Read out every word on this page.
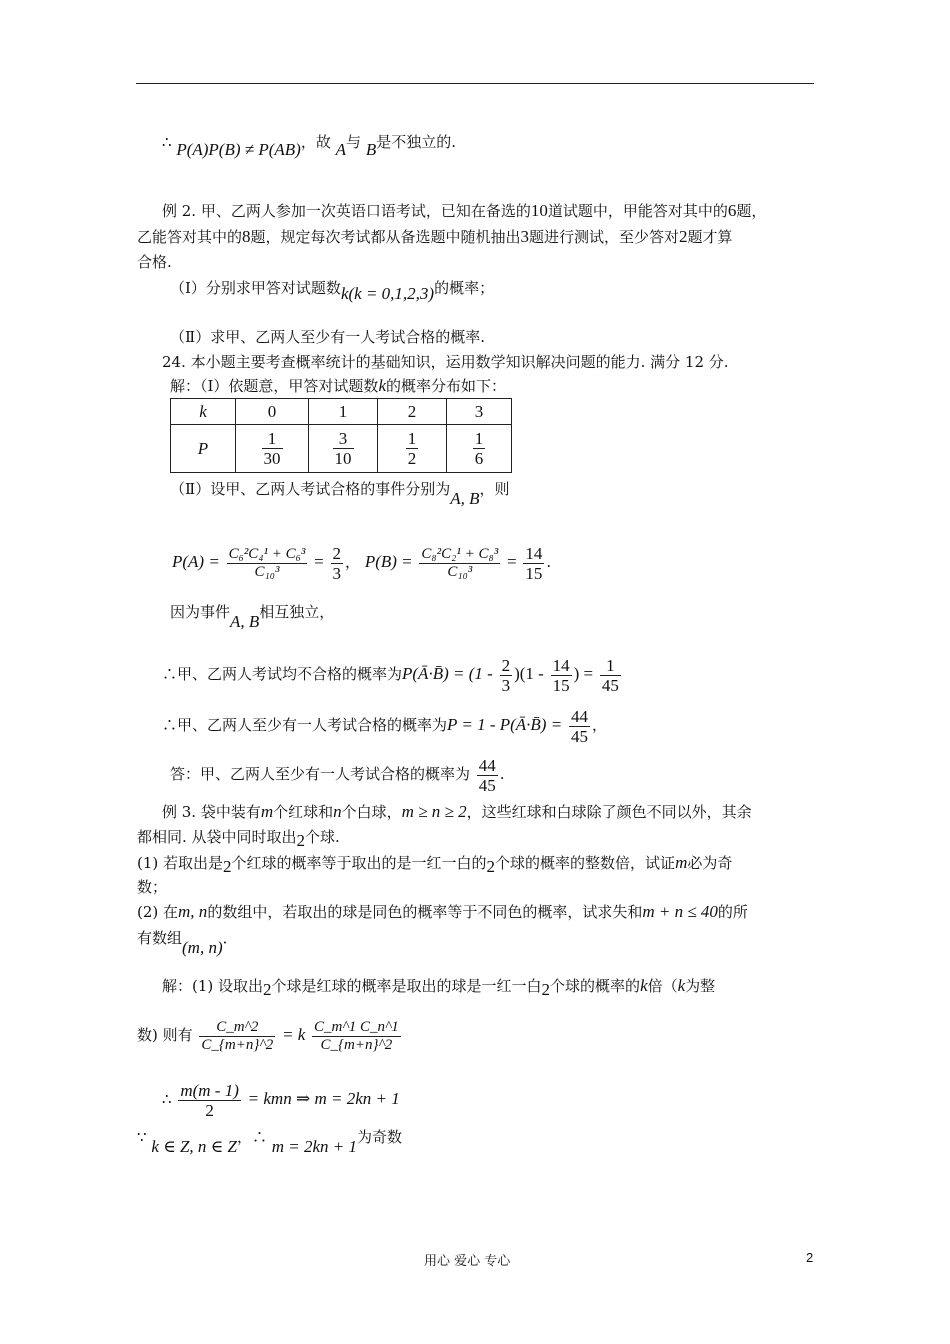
∴ P(A)P(B) ≠ P(AB)，故 A与 B是不独立的.
例 2. 甲、乙两人参加一次英语口语考试，已知在备选的10道试题中，甲能答对其中的6题，
乙能答对其中的8题，规定每次考试都从备选题中随机抽出3题进行测试，至少答对2题才算
合格.
（Ⅰ）分别求甲答对试题数k(k = 0,1,2,3)的概率；
（Ⅱ）求甲、乙两人至少有一人考试合格的概率.
24. 本小题主要考查概率统计的基础知识，运用数学知识解决问题的能力. 满分 12 分.
解：（Ⅰ）依题意，甲答对试题数k的概率分布如下：
k	0	1	2	3
P	$\frac{1}{30}$	$\frac{3}{10}$	$\frac{1}{2}$	$\frac{1}{6}$
（Ⅱ）设甲、乙两人考试合格的事件分别为A, B，则
$P(A) = \frac{\text{C₆²C₄¹ + C₆³}}{\text{C₁₀³}} = \frac{2}{3}$ ， $P(B) = \frac{\text{C₈²C₂¹ + C₈³}}{\text{C₁₀³}} = \frac{14}{15}$ .
因为事件A, B相互独立，
∴甲、乙两人考试均不合格的概率为P(Ā·B̄) = $(1 - \frac{2}{3} )(1 - \frac{14}{15}$ ) = $\frac{1}{45}$
∴甲、乙两人至少有一人考试合格的概率为P = 1 - P(Ā·B̄) = $\frac{44}{45}$ ，
答：甲、乙两人至少有一人考试合格的概率为 $\frac{44}{45}$ .
例 3. 袋中装有m个红球和n个白球，m ≥ n ≥ 2，这些红球和白球除了颜色不同以外，其余
都相同. 从袋中同时取出2个球.
(1) 若取出是2个红球的概率等于取出的是一红一白的2个球的概率的整数倍，试证m必为奇
数；
(2) 在m, n的数组中，若取出的球是同色的概率等于不同色的概率，试求失和m + n ≤ 40的所
有数组(m, n)．
解：(1) 设取出2个球是红球的概率是取出的球是一红一白2个球的概率的k倍（k为整
数) 则有 $\frac{C\_m\^{}2}{C\_\{m+n\}\^{}2} = k \frac{C\_m\^{}1 C\_n\^{}1}{C\_\{m+n\}\^{}2}$
∴ $\frac{m(m - 1)}{2}$ = kmn ⇒ m = 2kn + 1
∵ k ∈ Z, n ∈ Z，∴ m = 2kn + 1为奇数
用心 爱心 专心	2
